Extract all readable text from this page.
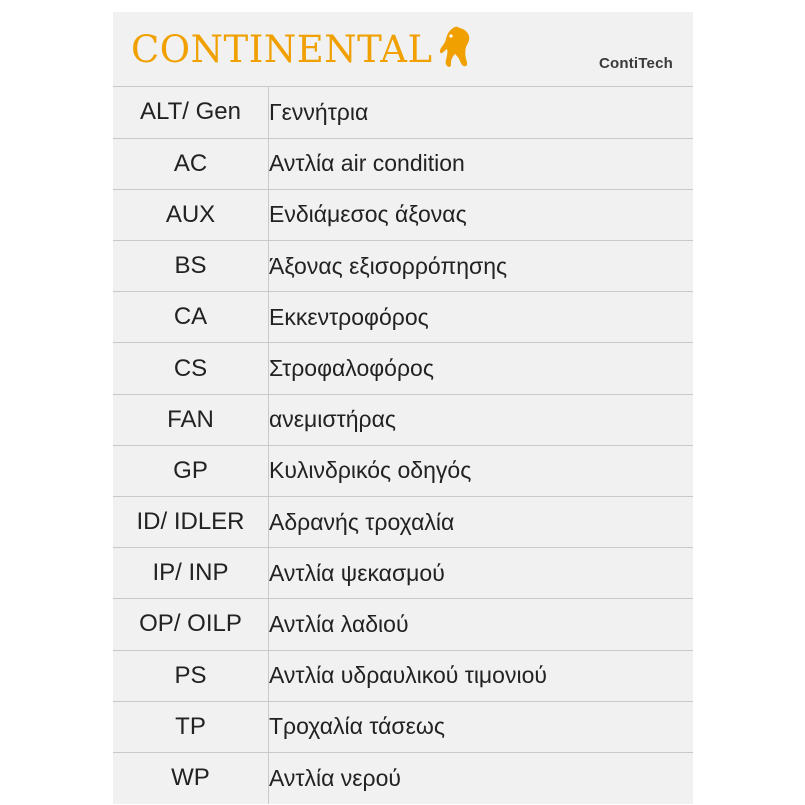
CONTINENTAL	ContiTech
ALT/ Gen	Γεννήτρια
AC	Αντλία air condition
AUX	Ενδιάμεσος άξονας
BS	Άξονας εξισορρόπησης
CA	Εκκεντροφόρος
CS	Στροφαλοφόρος
FAN	ανεμιστήρας
GP	Κυλινδρικός οδηγός
ID/ IDLER	Αδρανής τροχαλία
IP/ INP	Αντλία ψεκασμού
OP/ OILP	Αντλία λαδιού
PS	Αντλία υδραυλικού τιμονιού
TP	Τροχαλία τάσεως
WP	Αντλία νερού
